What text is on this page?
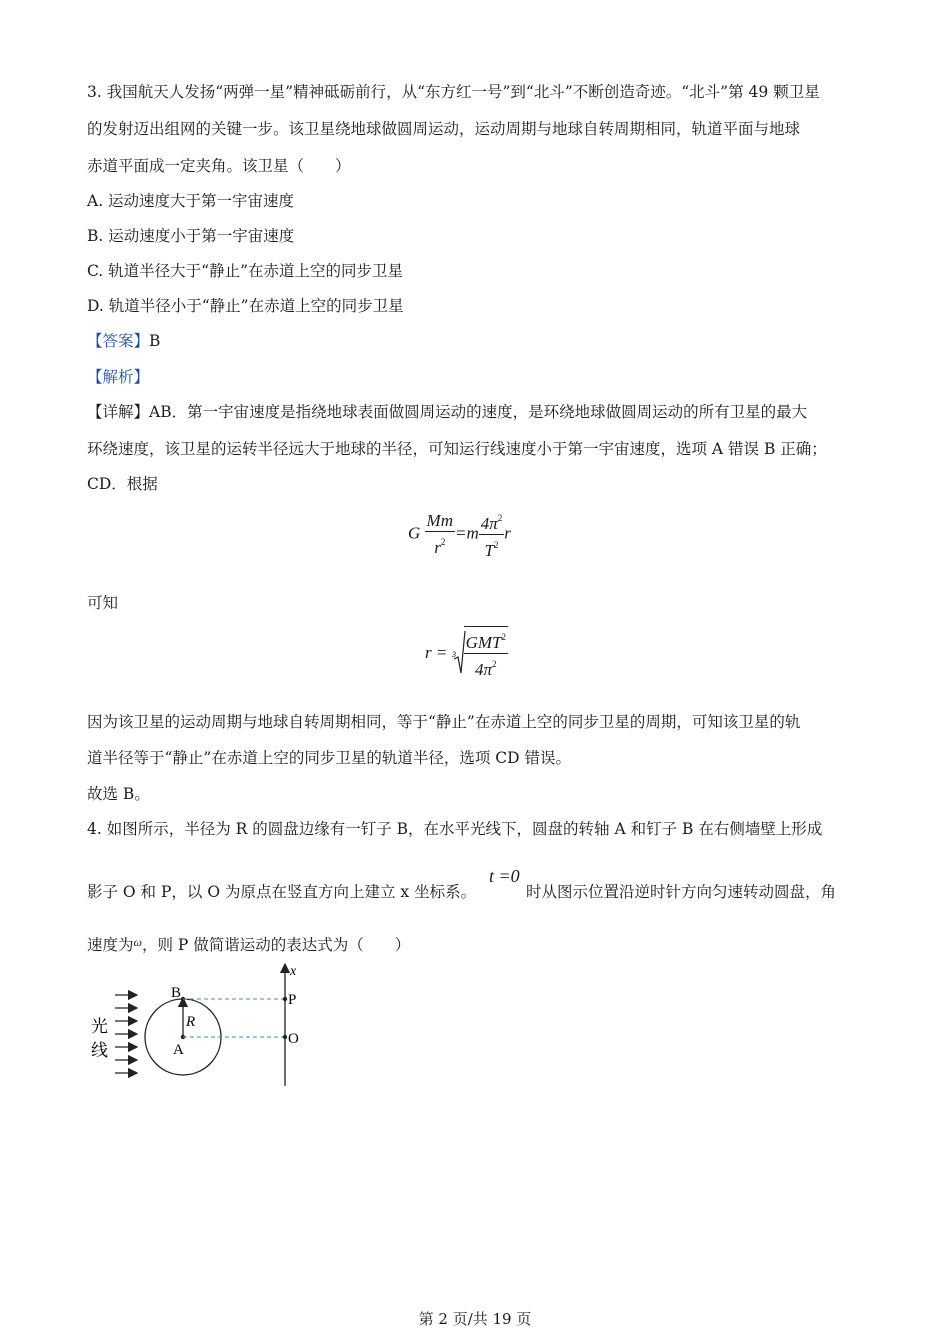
3. 我国航天人发扬“两弹一星”精神砥砺前行，从“东方红一号”到“北斗”不断创造奇迹。“北斗”第 49 颗卫星
的发射迈出组网的关键一步。该卫星绕地球做圆周运动，运动周期与地球自转周期相同，轨道平面与地球
赤道平面成一定夹角。该卫星（　　）
A. 运动速度大于第一宇宙速度
B. 运动速度小于第一宇宙速度
C. 轨道半径大于“静止”在赤道上空的同步卫星
D. 轨道半径小于“静止”在赤道上空的同步卫星
【答案】B
【解析】
【详解】AB．第一宇宙速度是指绕地球表面做圆周运动的速度，是环绕地球做圆周运动的所有卫星的最大
环绕速度，该卫星的运转半径远大于地球的半径，可知运行线速度小于第一宇宙速度，选项 A 错误 B 正确；
CD．根据
G $\frac{Mm}{r^2} =m \frac{4\pi^2}{T^2}$ r
可知
$r = 3 \frac{GMT^2}{4\pi^2}$
因为该卫星的运动周期与地球自转周期相同，等于“静止”在赤道上空的同步卫星的周期，可知该卫星的轨
道半径等于“静止”在赤道上空的同步卫星的轨道半径，选项 CD 错误。
故选 B。
4. 如图所示，半径为 R 的圆盘边缘有一钉子 B，在水平光线下，圆盘的转轴 A 和钉子 B 在右侧墙壁上形成
影子 O 和 P，以 O 为原点在竖直方向上建立 x 坐标系。
t =0
时从图示位置沿逆时针方向匀速转动圆盘，角
速度为$^\omega$，则 P 做简谐运动的表达式为（　　）
光
线
B
R
A
P
O
x
第 2 页/共 19 页
